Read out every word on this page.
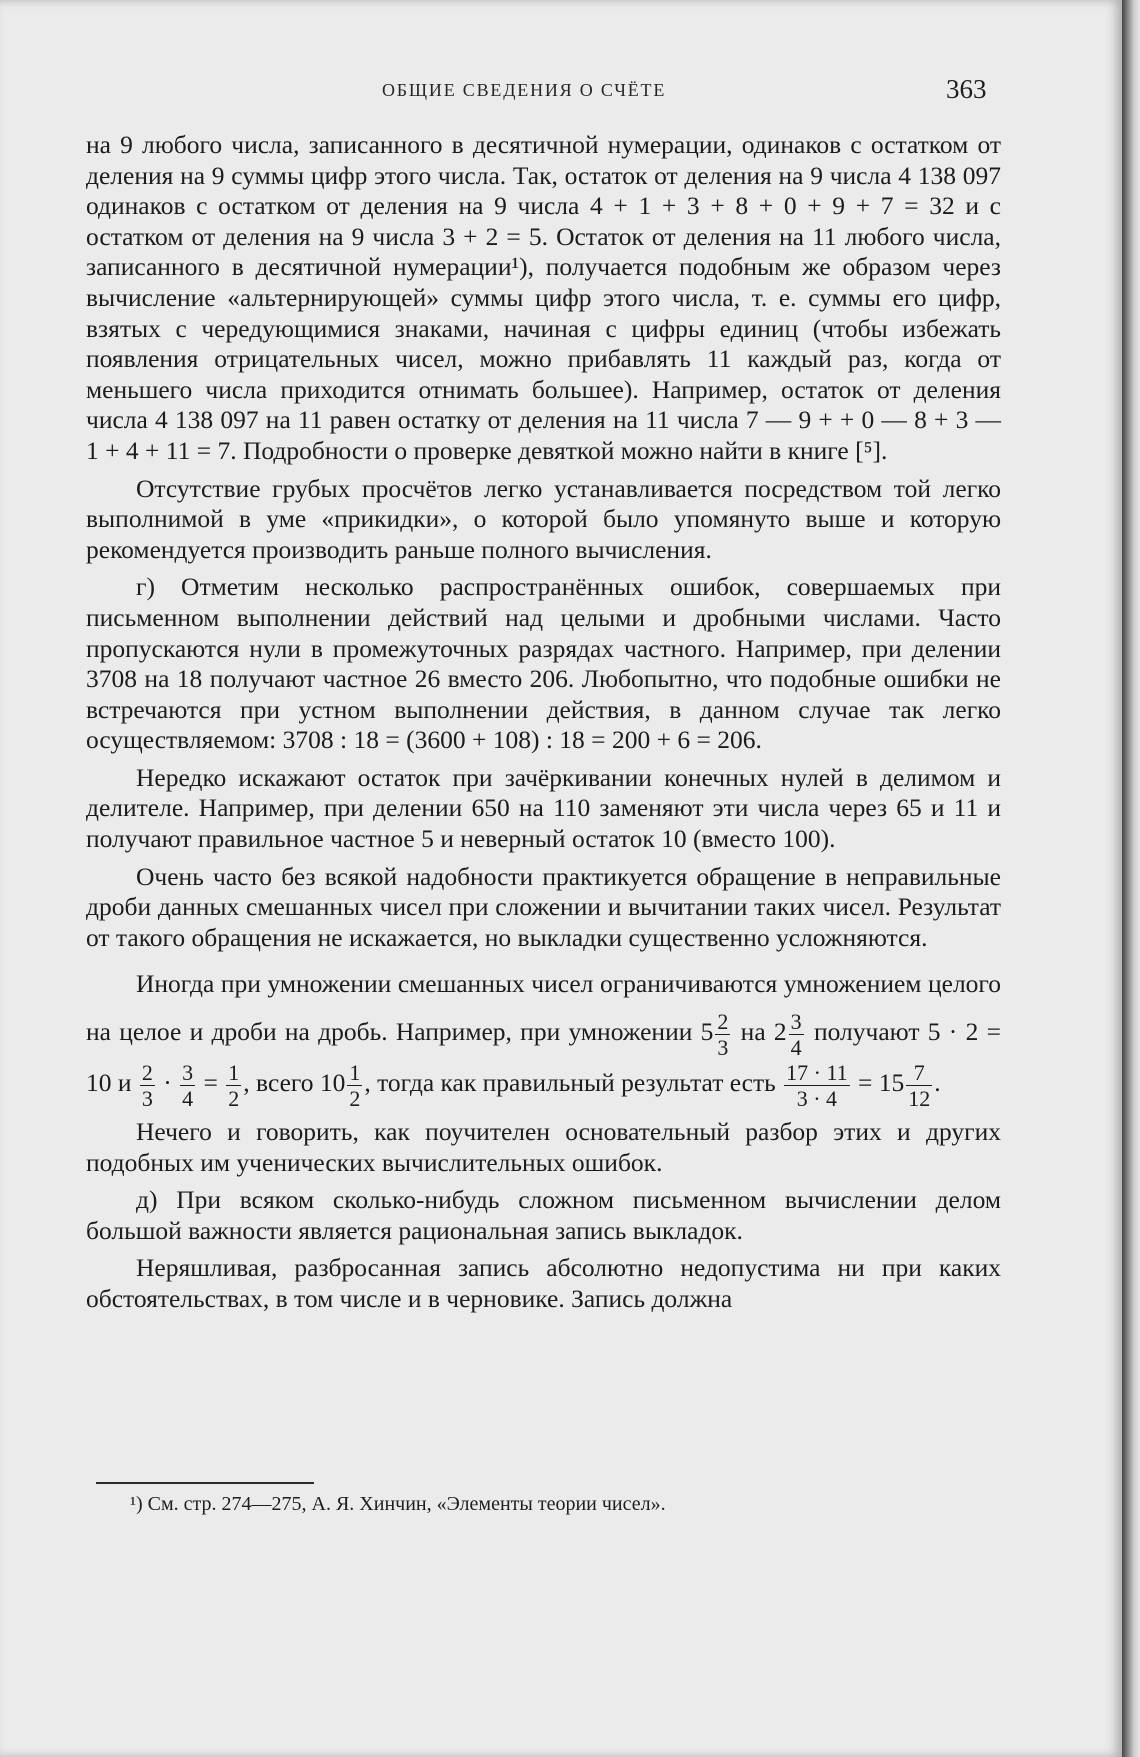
ОБЩИЕ СВЕДЕНИЯ О СЧЁТЕ	363

на 9 любого числа, записанного в десятичной нумерации, одинаков с остатком от деления на 9 суммы цифр этого числа. Так, остаток от деления на 9 числа 4 138 097 одинаков с остатком от деления на 9 числа 4 + 1 + 3 + 8 + 0 + 9 + 7 = 32 и с остатком от деления на 9 числа 3 + 2 = 5. Остаток от деления на 11 любого числа, записанного в десятичной нумерации¹), получается подобным же образом через вычисление «альтернирующей» суммы цифр этого числа, т. е. суммы его цифр, взятых с чередующимися знаками, начиная с цифры единиц (чтобы избежать появления отрицательных чисел, можно прибавлять 11 каждый раз, когда от меньшего числа приходится отнимать большее). Например, остаток от деления числа 4 138 097 на 11 равен остатку от деления на 11 числа 7 — 9 + + 0 — 8 + 3 — 1 + 4 + 11 = 7. Подробности о проверке девяткой можно найти в книге [⁵].

Отсутствие грубых просчётов легко устанавливается посредством той легко выполнимой в уме «прикидки», о которой было упомянуто выше и которую рекомендуется производить раньше полного вычисления.

г) Отметим несколько распространённых ошибок, совершаемых при письменном выполнении действий над целыми и дробными числами. Часто пропускаются нули в промежуточных разрядах частного. Например, при делении 3708 на 18 получают частное 26 вместо 206. Любопытно, что подобные ошибки не встречаются при устном выполнении действия, в данном случае так легко осуществляемом: 3708 : 18 = (3600 + 108) : 18 = 200 + 6 = 206.

Нередко искажают остаток при зачёркивании конечных нулей в делимом и делителе. Например, при делении 650 на 110 заменяют эти числа через 65 и 11 и получают правильное частное 5 и неверный остаток 10 (вместо 100).

Очень часто без всякой надобности практикуется обращение в неправильные дроби данных смешанных чисел при сложении и вычитании таких чисел. Результат от такого обращения не искажается, но выкладки существенно усложняются.

Иногда при умножении смешанных чисел ограничиваются умножением целого на целое и дроби на дробь. Например, при умножении $5 \frac{2}{3}$ на $2 \frac{3}{4}$ получают 5 · 2 = 10 и $\frac{2}{3} \cdot \frac{3}{4} = \frac{1}{2}$ , всего $10 \frac{1}{2}$ , тогда как правильный результат есть $\frac{17 \cdot 11}{3 \cdot 4} = 15 \frac{7}{12}$ .

Нечего и говорить, как поучителен основательный разбор этих и других подобных им ученических вычислительных ошибок.

д) При всяком сколько-нибудь сложном письменном вычислении делом большой важности является рациональная запись выкладок.

Неряшливая, разбросанная запись абсолютно недопустима ни при каких обстоятельствах, в том числе и в черновике. Запись должна

¹) См. стр. 274—275, А. Я. Хинчин, «Элементы теории чисел».
